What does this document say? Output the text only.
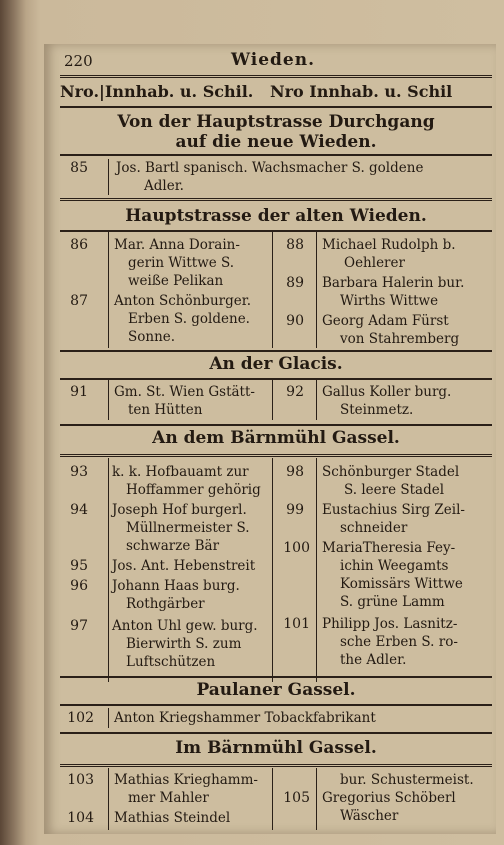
220	Wieden.
Nro.|Innhab. u. Schil. Nro Innhab. u. Schil
Von der Hauptstrasse Durchgang auf die neue Wieden.
85 Jos. Bartl spanisch. Wachsmacher S. goldene
Adler.
Hauptstrasse der alten Wieden.
86 Mar. Anna Dorain-
gerin Wittwe S.
weiße Pelikan
87 Anton Schönburger.
Erben S. goldene.
Sonne.
88 Michael Rudolph b.
Oehlerer
89 Barbara Halerin bur.
Wirths Wittwe
90 Georg Adam Fürst
von Stahremberg
An der Glacis.
91 Gm. St. Wien Gstätt-
ten Hütten
92 Gallus Koller burg.
Steinmetz.
An dem Bärnmühl Gassel.
93 k. k. Hofbauamt zur
Hoffammer gehörig
94 Joseph Hof burgerl.
Müllnermeister S.
schwarze Bär
95 Jos. Ant. Hebenstreit
96 Johann Haas burg.
Rothgärber
97 Anton Uhl gew. burg.
Bierwirth S. zum
Luftschützen
98 Schönburger Stadel
S. leere Stadel
99 Eustachius Sirg Zeil-
schneider
100 MariaTheresia Fey-
ichin Weegamts
Komissärs Wittwe
S. grüne Lamm
101 Philipp Jos. Lasnitz-
sche Erben S. ro-
the Adler.
Paulaner Gassel.
102 Anton Kriegshammer Tobackfabrikant
Im Bärnmühl Gassel.
103 Mathias Krieghamm-
mer Mahler
104 Mathias Steindel
bur. Schustermeist.
105 Gregorius Schöberl
Wäscher
